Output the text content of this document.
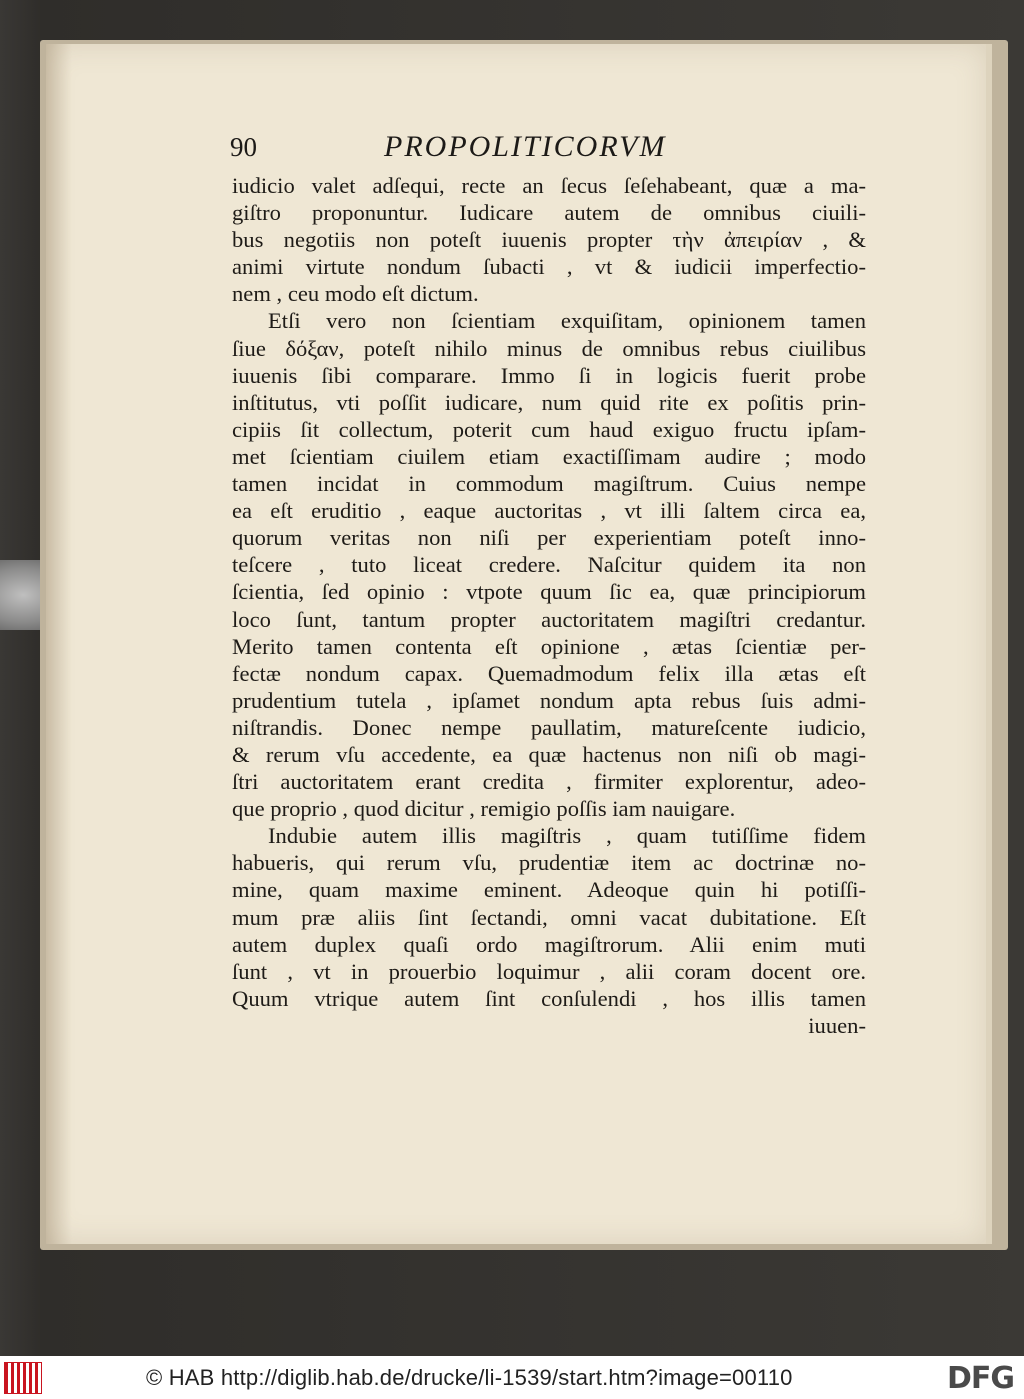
90	PROPOLITICORVM
iudicio valet adſequi, recte an ſecus ſeſehabeant, quæ a ma-
giſtro proponuntur. Iudicare autem de omnibus ciuili-
bus negotiis non poteſt iuuenis propter τὴν ἀπειρίαν , &
animi virtute nondum ſubacti , vt & iudicii imperfectio-
nem , ceu modo eſt dictum.
Etſi vero non ſcientiam exquiſitam, opinionem tamen
ſiue δόξαν, poteſt nihilo minus de omnibus rebus ciuilibus
iuuenis ſibi comparare. Immo ſi in logicis fuerit probe
inſtitutus, vti poſſit iudicare, num quid rite ex poſitis prin-
cipiis ſit collectum, poterit cum haud exiguo fructu ipſam-
met ſcientiam ciuilem etiam exactiſſimam audire ; modo
tamen incidat in commodum magiſtrum. Cuius nempe
ea eſt eruditio , eaque auctoritas , vt illi ſaltem circa ea,
quorum veritas non niſi per experientiam poteſt inno-
teſcere , tuto liceat credere. Naſcitur quidem ita non
ſcientia, ſed opinio : vtpote quum ſic ea, quæ principiorum
loco ſunt, tantum propter auctoritatem magiſtri credantur.
Merito tamen contenta eſt opinione , ætas ſcientiæ per-
fectæ nondum capax. Quemadmodum felix illa ætas eſt
prudentium tutela , ipſamet nondum apta rebus ſuis admi-
niſtrandis. Donec nempe paullatim, matureſcente iudicio,
& rerum vſu accedente, ea quæ hactenus non niſi ob magi-
ſtri auctoritatem erant credita , firmiter explorentur, adeo-
que proprio , quod dicitur , remigio poſſis iam nauigare.
Indubie autem illis magiſtris , quam tutiſſime fidem
habueris, qui rerum vſu, prudentiæ item ac doctrinæ no-
mine, quam maxime eminent. Adeoque quin hi potiſſi-
mum præ aliis ſint ſectandi, omni vacat dubitatione. Eſt
autem duplex quaſi ordo magiſtrorum. Alii enim muti
ſunt , vt in prouerbio loquimur , alii coram docent ore.
Quum vtrique autem ſint conſulendi , hos illis tamen
iuuen-
© HAB http://diglib.hab.de/drucke/li-1539/start.htm?image=00110	DFG
